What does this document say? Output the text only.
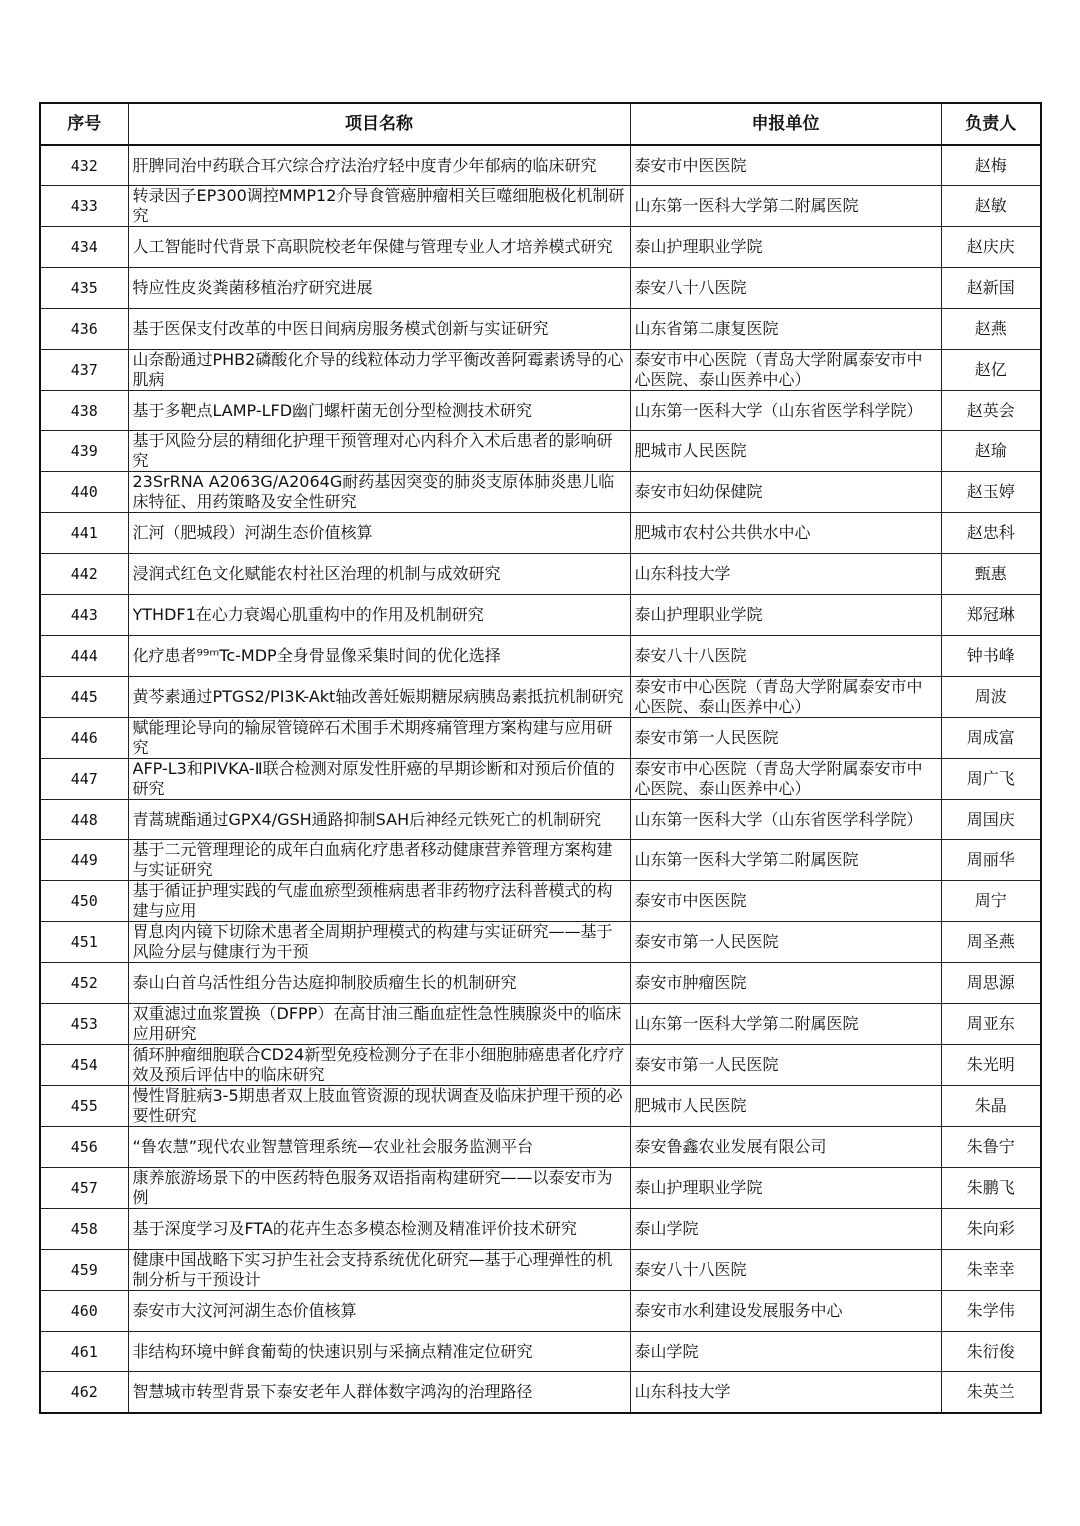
序号	项目名称	申报单位	负责人

432	肝脾同治中药联合耳穴综合疗法治疗轻中度青少年郁病的临床研究	泰安市中医医院	赵梅

433	转录因子EP300调控MMP12介导食管癌肿瘤相关巨噬细胞极化机制研究	山东第一医科大学第二附属医院	赵敏

434	人工智能时代背景下高职院校老年保健与管理专业人才培养模式研究	泰山护理职业学院	赵庆庆

435	特应性皮炎粪菌移植治疗研究进展	泰安八十八医院	赵新国

436	基于医保支付改革的中医日间病房服务模式创新与实证研究	山东省第二康复医院	赵燕

437	山奈酚通过PHB2磷酸化介导的线粒体动力学平衡改善阿霉素诱导的心肌病	泰安市中心医院（青岛大学附属泰安市中心医院、泰山医养中心）	赵亿

438	基于多靶点LAMP-LFD幽门螺杆菌无创分型检测技术研究	山东第一医科大学（山东省医学科学院）	赵英会

439	基于风险分层的精细化护理干预管理对心内科介入术后患者的影响研究	肥城市人民医院	赵瑜

440	23SrRNA A2063G/A2064G耐药基因突变的肺炎支原体肺炎患儿临床特征、用药策略及安全性研究	泰安市妇幼保健院	赵玉婷

441	汇河（肥城段）河湖生态价值核算	肥城市农村公共供水中心	赵忠科

442	浸润式红色文化赋能农村社区治理的机制与成效研究	山东科技大学	甄惠

443	YTHDF1在心力衰竭心肌重构中的作用及机制研究	泰山护理职业学院	郑冠琳

444	化疗患者⁹⁹ᵐTc-MDP全身骨显像采集时间的优化选择	泰安八十八医院	钟书峰

445	黄芩素通过PTGS2/PI3K-Akt轴改善妊娠期糖尿病胰岛素抵抗机制研究	泰安市中心医院（青岛大学附属泰安市中心医院、泰山医养中心）	周波

446	赋能理论导向的输尿管镜碎石术围手术期疼痛管理方案构建与应用研究	泰安市第一人民医院	周成富

447	AFP-L3和PIVKA-Ⅱ联合检测对原发性肝癌的早期诊断和对预后价值的研究	泰安市中心医院（青岛大学附属泰安市中心医院、泰山医养中心）	周广飞

448	青蒿琥酯通过GPX4/GSH通路抑制SAH后神经元铁死亡的机制研究	山东第一医科大学（山东省医学科学院）	周国庆

449	基于二元管理理论的成年白血病化疗患者移动健康营养管理方案构建与实证研究	山东第一医科大学第二附属医院	周丽华

450	基于循证护理实践的气虚血瘀型颈椎病患者非药物疗法科普模式的构建与应用	泰安市中医医院	周宁

451	胃息肉内镜下切除术患者全周期护理模式的构建与实证研究——基于风险分层与健康行为干预	泰安市第一人民医院	周圣燕

452	泰山白首乌活性组分告达庭抑制胶质瘤生长的机制研究	泰安市肿瘤医院	周思源

453	双重滤过血浆置换（DFPP）在高甘油三酯血症性急性胰腺炎中的临床应用研究	山东第一医科大学第二附属医院	周亚东

454	循环肿瘤细胞联合CD24新型免疫检测分子在非小细胞肺癌患者化疗疗效及预后评估中的临床研究	泰安市第一人民医院	朱光明

455	慢性肾脏病3-5期患者双上肢血管资源的现状调查及临床护理干预的必要性研究	肥城市人民医院	朱晶

456	“鲁农慧”现代农业智慧管理系统—农业社会服务监测平台	泰安鲁鑫农业发展有限公司	朱鲁宁

457	康养旅游场景下的中医药特色服务双语指南构建研究——以泰安市为例	泰山护理职业学院	朱鹏飞

458	基于深度学习及FTA的花卉生态多模态检测及精准评价技术研究	泰山学院	朱向彩

459	健康中国战略下实习护生社会支持系统优化研究—基于心理弹性的机制分析与干预设计	泰安八十八医院	朱幸幸

460	泰安市大汶河河湖生态价值核算	泰安市水利建设发展服务中心	朱学伟

461	非结构环境中鲜食葡萄的快速识别与采摘点精准定位研究	泰山学院	朱衍俊

462	智慧城市转型背景下泰安老年人群体数字鸿沟的治理路径	山东科技大学	朱英兰
